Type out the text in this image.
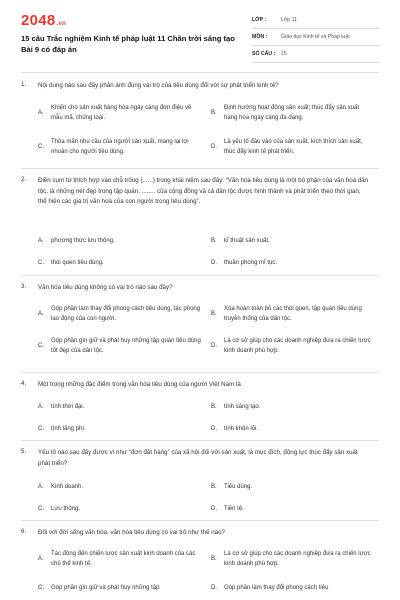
2048.vn
15 câu Trắc nghiệm Kinh tế pháp luật 11 Chân trời sáng tạo Bài 9 có đáp án
LỚP :	Lớp 11
MÔN :	Giáo dục Kinh tế và Pháp luật
SỐ CÂU :	15
1. Nội dung nào sau đây phản ánh đúng vai trò của tiêu dùng đối với sự phát triển kinh tế?
A.
Khiến cho sản xuất hàng hóa ngày càng đơn điệu về mẫu mã, chủng loại.
B.
Định hướng hoạt động sản xuất; thúc đẩy sản xuất hàng hóa ngày càng đa dạng.
C.
Thỏa mãn nhu cầu của người sản xuất, mang lại lợi nhuận cho người tiêu dùng.
D.
Là yếu tố đầu vào của sản xuất, kích thích sản xuất, thúc đẩy kinh tế phát triển.
2. Điền cụm từ thích hợp vào chỗ trống (......) trong khái niệm sau đây: “Văn hóa tiêu dùng là một bộ phận của văn hoá dân tộc, là những nét đẹp trong tập quán, ........ của cộng đồng và cả dân tộc được hình thành và phát triển theo thời gian, thể hiện các giá trị văn hoá của con người trong tiêu dùng”.
A. phương thức lưu thông.	B. kĩ thuật sản xuất.
C. thói quen tiêu dùng.	D. thuần phong mĩ tục.
3. Văn hóa tiêu dùng không có vai trò nào sau đây?
A.
Góp phần làm thay đổi phong cách tiêu dùng, tác phong lao động của con người.
B.
Xóa hoàn toàn bỏ các thói quen, tập quán tiêu dùng truyền thống của dân tộc.
C.
Góp phần gìn giữ và phát huy những tập quán tiêu dùng tốt đẹp của dân tộc.
D.
Là cơ sở giúp cho các doanh nghiệp đưa ra chiến lược kinh doanh phù hợp.
4. Một trong những đặc điểm trong văn hóa tiêu dùng của người Việt Nam là
A. tính thời đại.	B. tính sáng tạo.
C. tính lãng phí.	D. tính khôn lỏi.
5. Yếu tố nào sau đây được ví như “đơn đặt hàng” của xã hội đối với sản xuất, là mục đích, động lực thúc đẩy sản xuất phát triển?
A. Kinh doanh.	B. Tiêu dùng.
C. Lưu thông.	D. Tiền tệ.
6. Đối với đời sống văn hóa, văn hóa tiêu dùng có vai trò như thế nào?
A.
Tác động đến chiến lược sản xuất kinh doanh của các chủ thể kinh tế.
B.
Là cơ sở giúp cho các doanh nghiệp đưa ra chiến lược kinh doanh phù hợp.
C. Góp phần gìn giữ và phát huy những tập	D. Góp phần làm thay đổi phong cách tiêu
